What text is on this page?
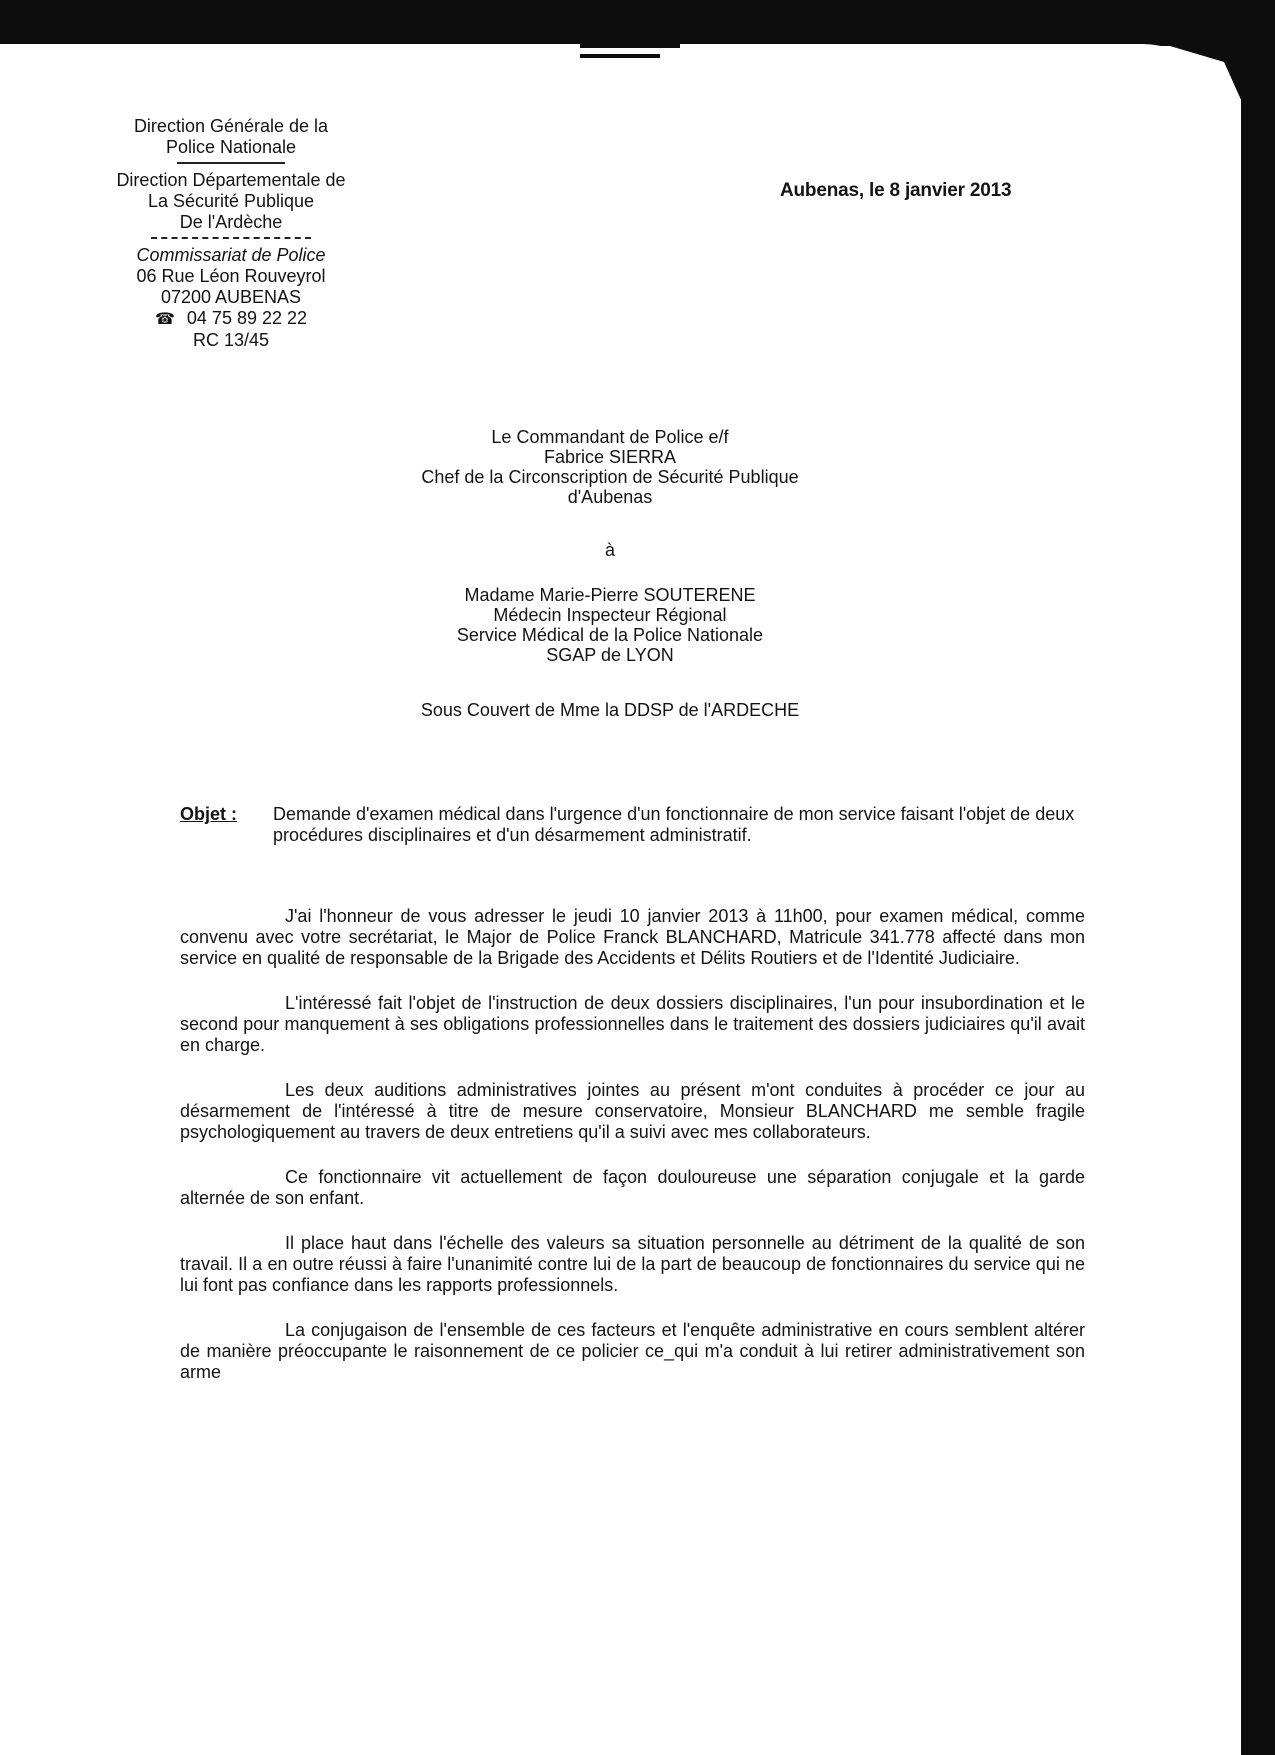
Direction Générale de la
Police Nationale
Direction Départementale de
La Sécurité Publique
De l'Ardèche
Commissariat de Police
06 Rue Léon Rouveyrol
07200 AUBENAS
☎ 04 75 89 22 22
RC 13/45
Aubenas, le 8 janvier 2013
Le Commandant de Police e/f
Fabrice SIERRA
Chef de la Circonscription de Sécurité Publique
d'Aubenas
à
Madame Marie-Pierre SOUTERENE
Médecin Inspecteur Régional
Service Médical de la Police Nationale
SGAP de LYON
Sous Couvert de Mme la DDSP de l'ARDECHE
Objet : Demande d'examen médical dans l'urgence d'un fonctionnaire de mon service faisant l'objet de deux procédures disciplinaires et d'un désarmement administratif.

J'ai l'honneur de vous adresser le jeudi 10 janvier 2013 à 11h00, pour examen médical, comme convenu avec votre secrétariat, le Major de Police Franck BLANCHARD, Matricule 341.778 affecté dans mon service en qualité de responsable de la Brigade des Accidents et Délits Routiers et de l'Identité Judiciaire.

L'intéressé fait l'objet de l'instruction de deux dossiers disciplinaires, l'un pour insubordination et le second pour manquement à ses obligations professionnelles dans le traitement des dossiers judiciaires qu'il avait en charge.

Les deux auditions administratives jointes au présent m'ont conduites à procéder ce jour au désarmement de l'intéressé à titre de mesure conservatoire, Monsieur BLANCHARD me semble fragile psychologiquement au travers de deux entretiens qu'il a suivi avec mes collaborateurs.

Ce fonctionnaire vit actuellement de façon douloureuse une séparation conjugale et la garde alternée de son enfant.

Il place haut dans l'échelle des valeurs sa situation personnelle au détriment de la qualité de son travail. Il a en outre réussi à faire l'unanimité contre lui de la part de beaucoup de fonctionnaires du service qui ne lui font pas confiance dans les rapports professionnels.

La conjugaison de l'ensemble de ces facteurs et l'enquête administrative en cours semblent altérer de manière préoccupante le raisonnement de ce policier ce_qui m'a conduit à lui retirer administrativement son arme
